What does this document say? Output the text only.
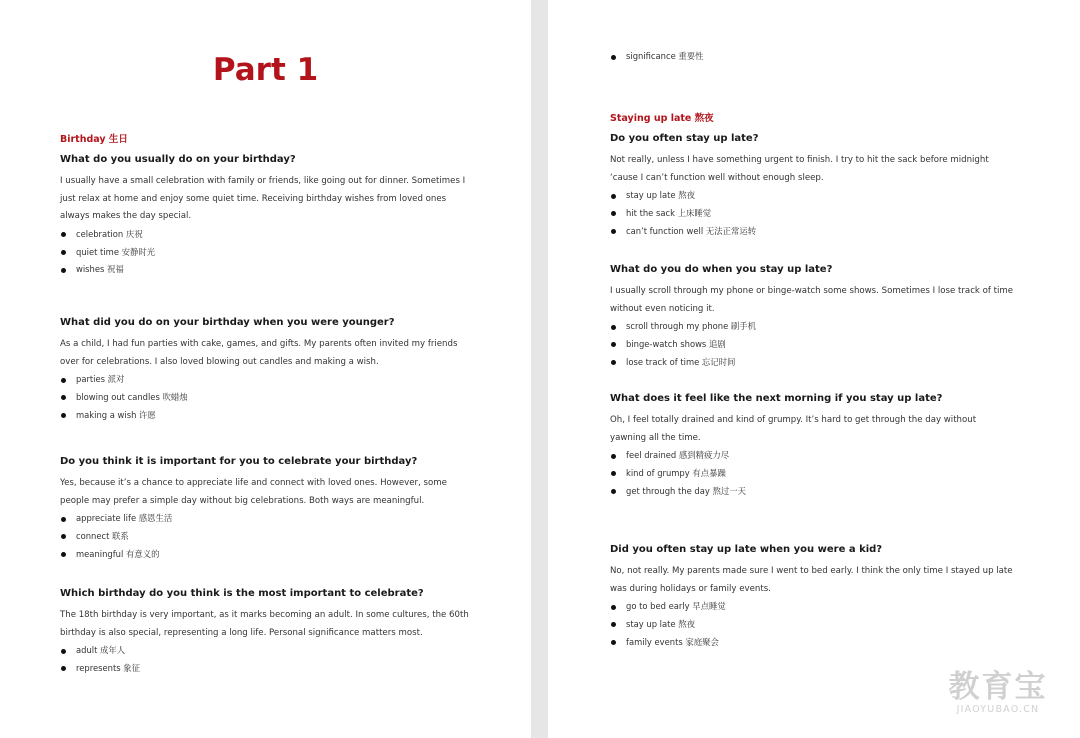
Part 1
Birthday 生日
What do you usually do on your birthday?

I usually have a small celebration with family or friends, like going out for dinner. Sometimes I
just relax at home and enjoy some quiet time. Receiving birthday wishes from loved ones
always makes the day special.

celebration 庆祝
quiet time 安静时光
wishes 祝福
What did you do on your birthday when you were younger?

As a child, I had fun parties with cake, games, and gifts. My parents often invited my friends
over for celebrations. I also loved blowing out candles and making a wish.

parties 派对
blowing out candles 吹蜡烛
making a wish 许愿
Do you think it is important for you to celebrate your birthday?

Yes, because it’s a chance to appreciate life and connect with loved ones. However, some
people may prefer a simple day without big celebrations. Both ways are meaningful.

appreciate life 感恩生活
connect 联系
meaningful 有意义的
Which birthday do you think is the most important to celebrate?

The 18th birthday is very important, as it marks becoming an adult. In some cultures, the 60th
birthday is also special, representing a long life. Personal significance matters most.

adult 成年人
represents 象征
significance 重要性
Staying up late 熬夜
Do you often stay up late?

Not really, unless I have something urgent to finish. I try to hit the sack before midnight
‘cause I can’t function well without enough sleep.

stay up late 熬夜
hit the sack 上床睡觉
can’t function well 无法正常运转
What do you do when you stay up late?

I usually scroll through my phone or binge-watch some shows. Sometimes I lose track of time
without even noticing it.

scroll through my phone 刷手机
binge-watch shows 追剧
lose track of time 忘记时间
What does it feel like the next morning if you stay up late?

Oh, I feel totally drained and kind of grumpy. It’s hard to get through the day without
yawning all the time.

feel drained 感到精疲力尽
kind of grumpy 有点暴躁
get through the day 熬过一天
Did you often stay up late when you were a kid?

No, not really. My parents made sure I went to bed early. I think the only time I stayed up late
was during holidays or family events.

go to bed early 早点睡觉
stay up late 熬夜
family events 家庭聚会
教育宝
JIAOYUBAO.CN
